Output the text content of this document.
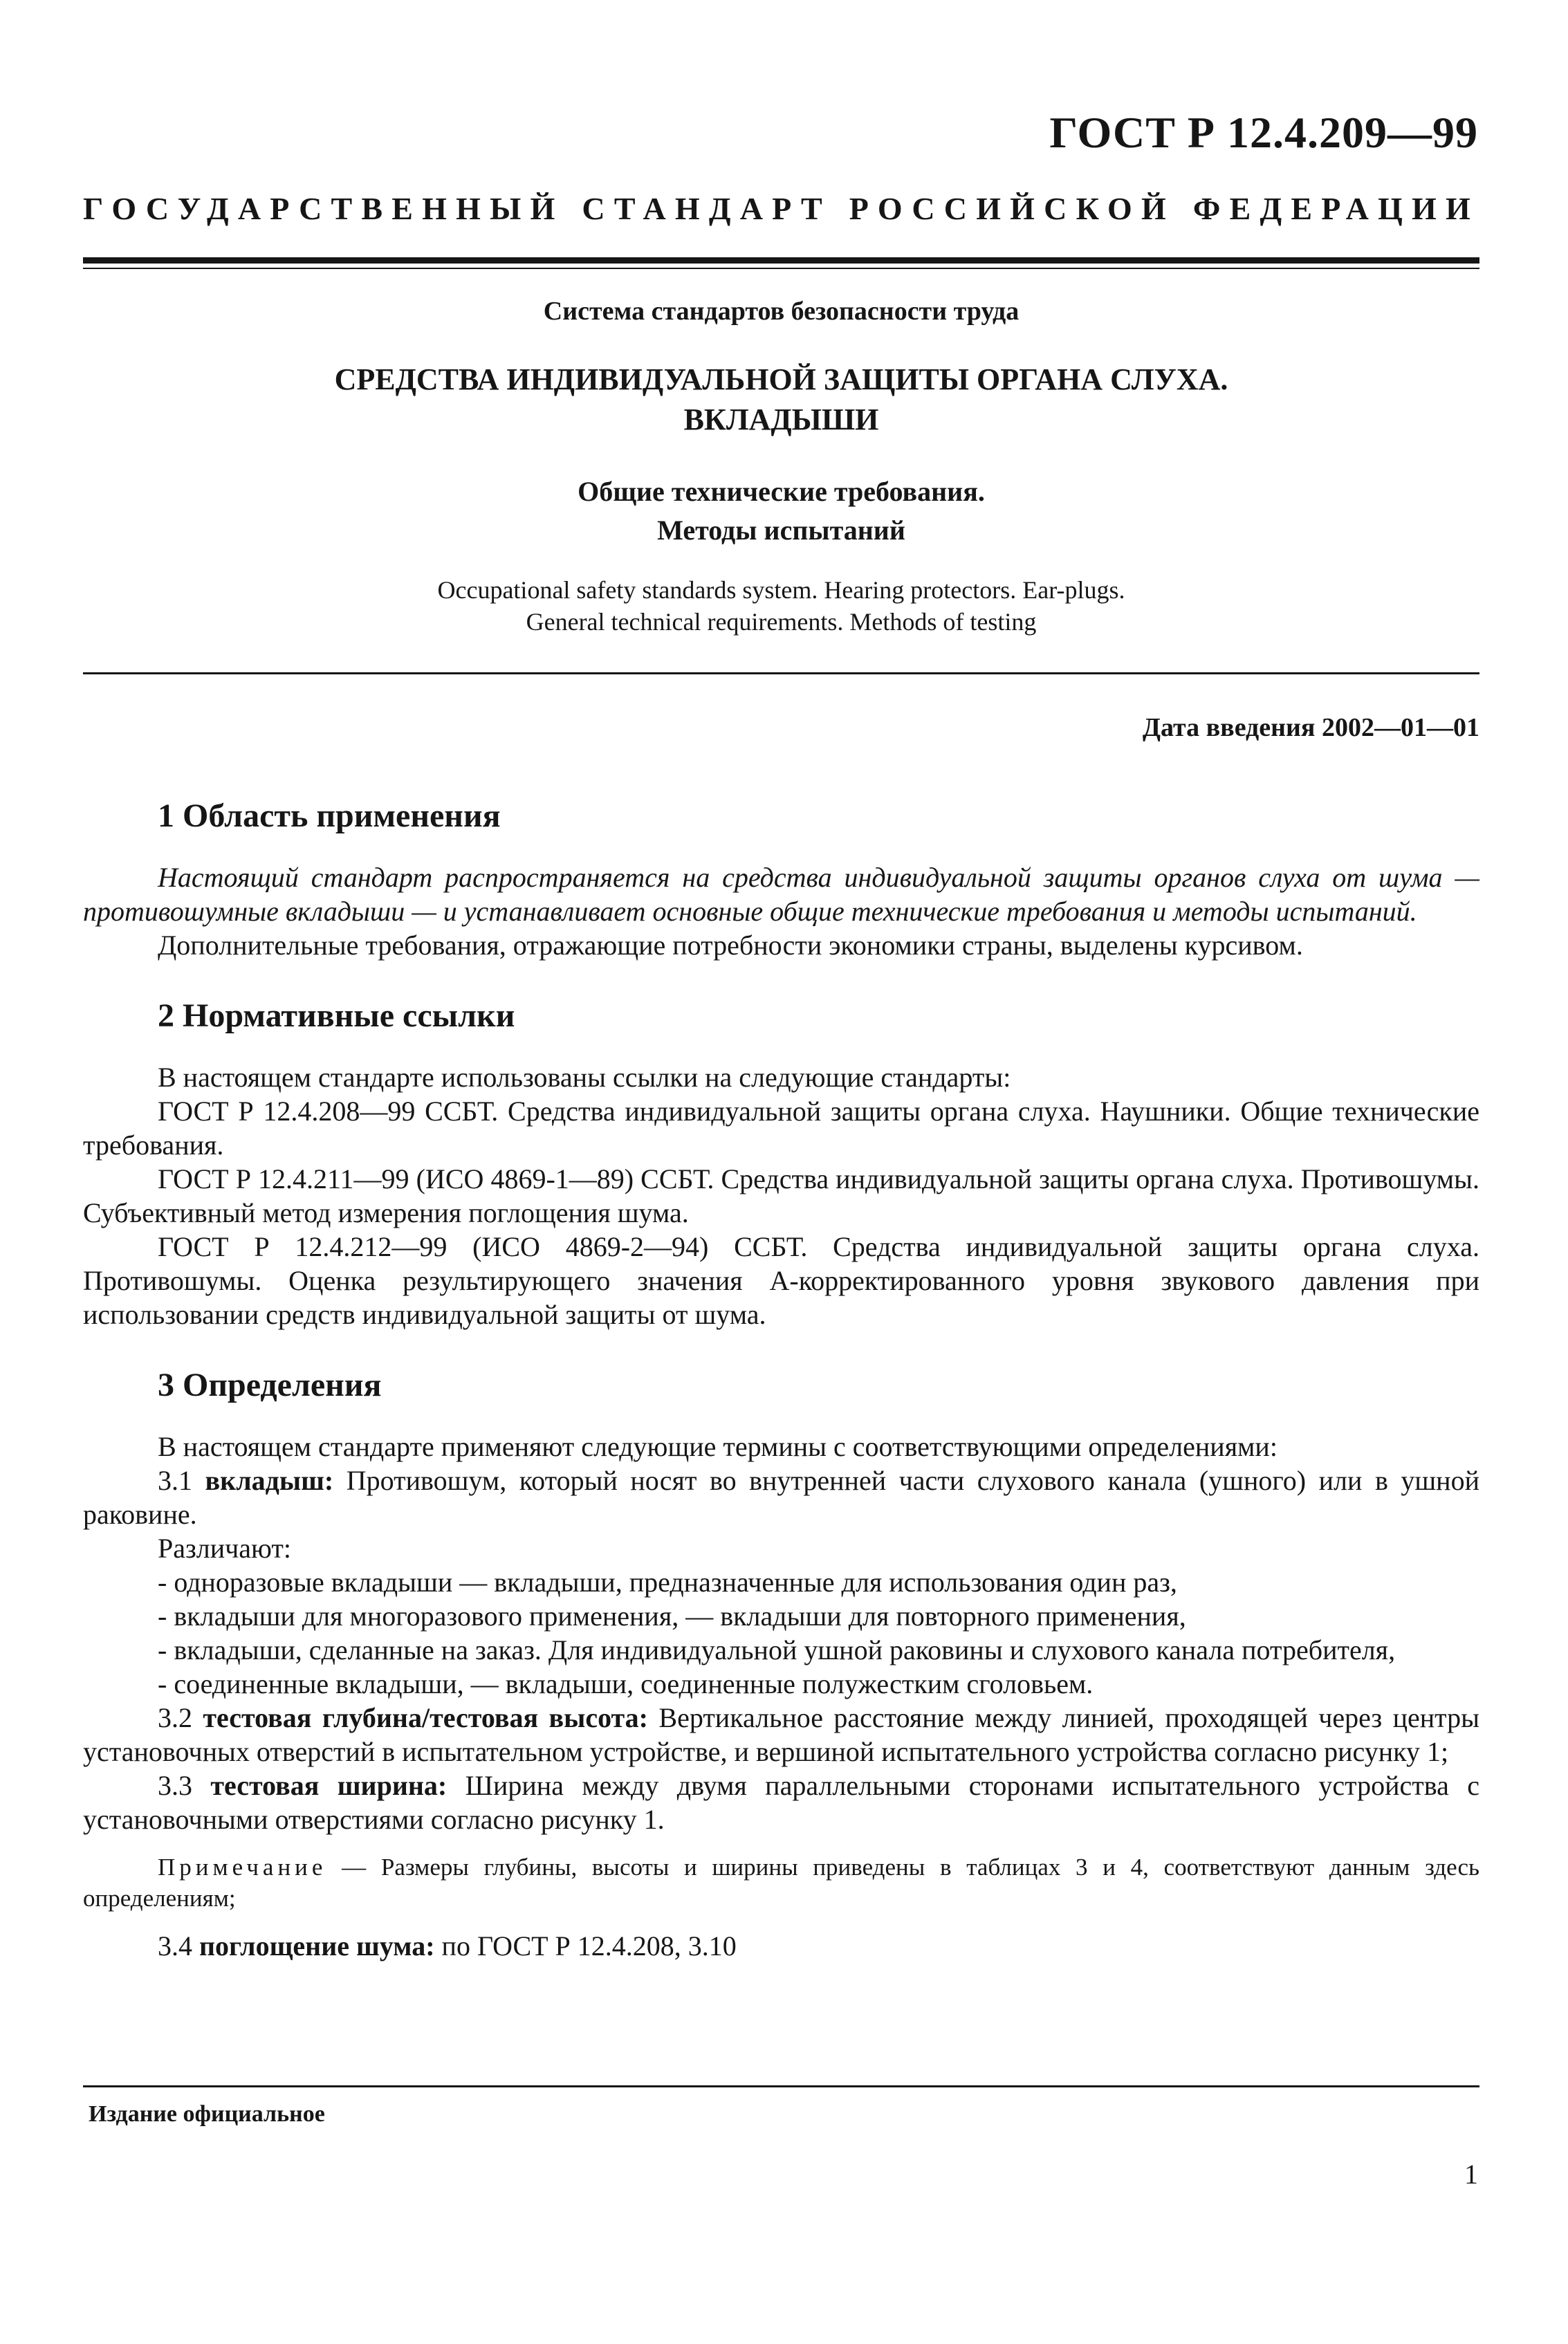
ГОСТ Р 12.4.209—99
ГОСУДАРСТВЕННЫЙ СТАНДАРТ РОССИЙСКОЙ ФЕДЕРАЦИИ
Система стандартов безопасности труда
СРЕДСТВА ИНДИВИДУАЛЬНОЙ ЗАЩИТЫ ОРГАНА СЛУХА.
ВКЛАДЫШИ
Общие технические требования.
Методы испытаний
Occupational safety standards system. Hearing protectors. Ear-plugs.
General technical requirements. Methods of testing
Дата введения 2002—01—01
1 Область применения

Настоящий стандарт распространяется на средства индивидуальной защиты органов слуха от шума — противошумные вкладыши — и устанавливает основные общие технические требования и методы испытаний.

Дополнительные требования, отражающие потребности экономики страны, выделены курсивом.

2 Нормативные ссылки

В настоящем стандарте использованы ссылки на следующие стандарты:

ГОСТ Р 12.4.208—99 ССБТ. Средства индивидуальной защиты органа слуха. Наушники. Общие технические требования.

ГОСТ Р 12.4.211—99 (ИСО 4869-1—89) ССБТ. Средства индивидуальной защиты органа слуха. Противошумы. Субъективный метод измерения поглощения шума.

ГОСТ Р 12.4.212—99 (ИСО 4869-2—94) ССБТ. Средства индивидуальной защиты органа слуха. Противошумы. Оценка результирующего значения А-корректированного уровня звукового давления при использовании средств индивидуальной защиты от шума.

3 Определения

В настоящем стандарте применяют следующие термины с соответствующими определениями:

3.1 вкладыш: Противошум, который носят во внутренней части слухового канала (ушного) или в ушной раковине.

Различают:

- одноразовые вкладыши — вкладыши, предназначенные для использования один раз,

- вкладыши для многоразового применения, — вкладыши для повторного применения,

- вкладыши, сделанные на заказ. Для индивидуальной ушной раковины и слухового канала потребителя,

- соединенные вкладыши, — вкладыши, соединенные полужестким сголовьем.

3.2 тестовая глубина/тестовая высота: Вертикальное расстояние между линией, проходящей через центры установочных отверстий в испытательном устройстве, и вершиной испытательного устройства согласно рисунку 1;

3.3 тестовая ширина: Ширина между двумя параллельными сторонами испытательного устройства с установочными отверстиями согласно рисунку 1.

Примечание — Размеры глубины, высоты и ширины приведены в таблицах 3 и 4, соответствуют данным здесь определениям;

3.4 поглощение шума: по ГОСТ Р 12.4.208, 3.10

Издание официальное
1
